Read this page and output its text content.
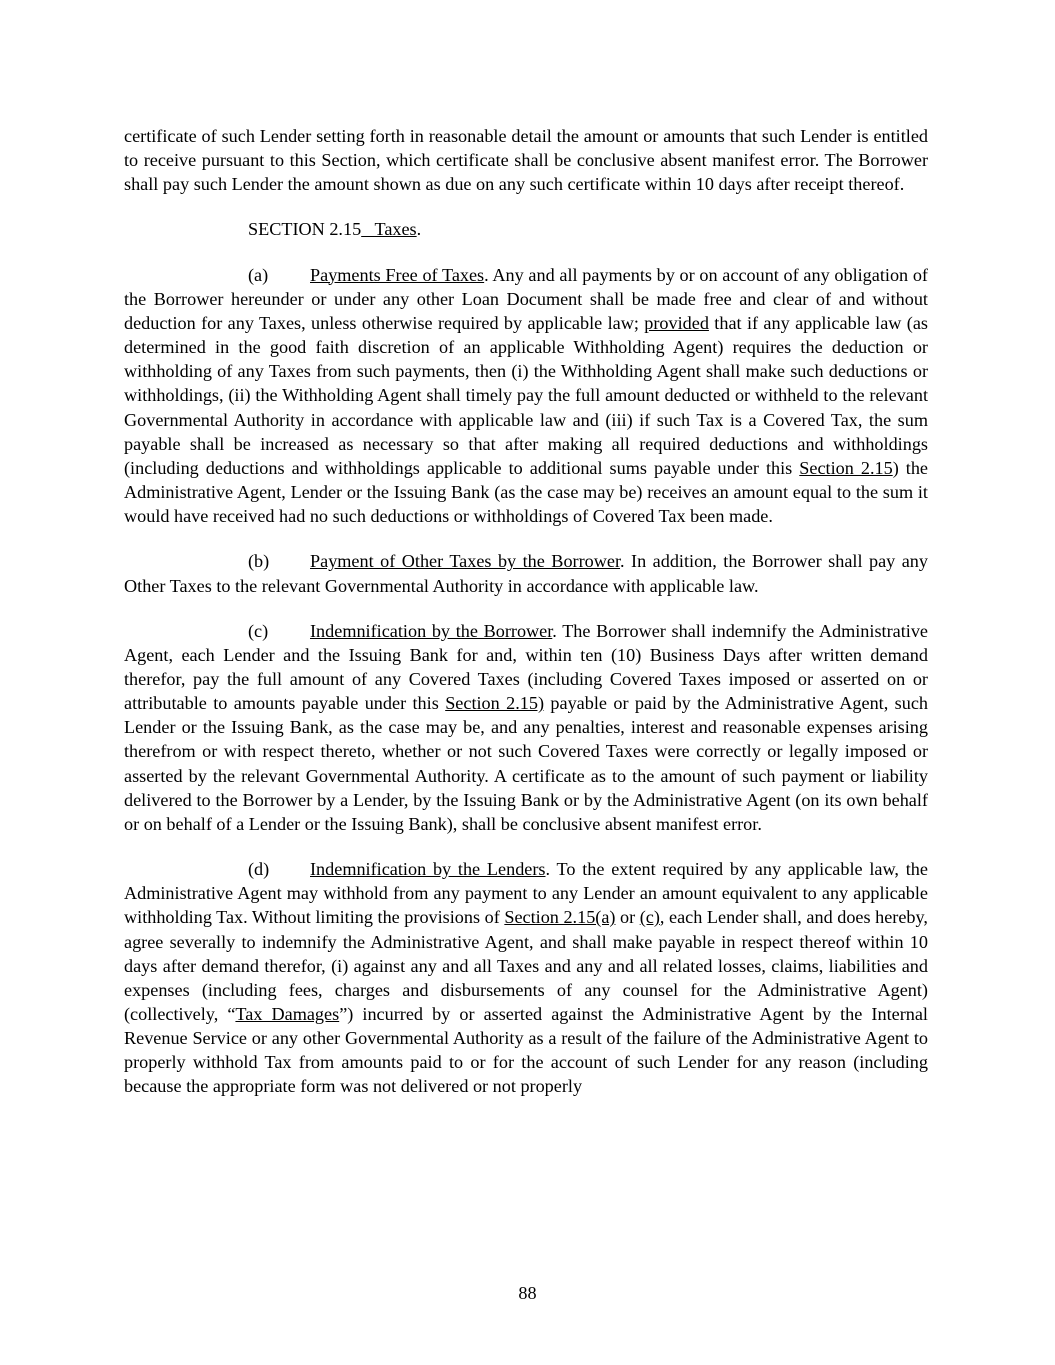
certificate of such Lender setting forth in reasonable detail the amount or amounts that such Lender is entitled to receive pursuant to this Section, which certificate shall be conclusive absent manifest error. The Borrower shall pay such Lender the amount shown as due on any such certificate within 10 days after receipt thereof.

SECTION 2.15 Taxes.

(a) Payments Free of Taxes. Any and all payments by or on account of any obligation of the Borrower hereunder or under any other Loan Document shall be made free and clear of and without deduction for any Taxes, unless otherwise required by applicable law; provided that if any applicable law (as determined in the good faith discretion of an applicable Withholding Agent) requires the deduction or withholding of any Taxes from such payments, then (i) the Withholding Agent shall make such deductions or withholdings, (ii) the Withholding Agent shall timely pay the full amount deducted or withheld to the relevant Governmental Authority in accordance with applicable law and (iii) if such Tax is a Covered Tax, the sum payable shall be increased as necessary so that after making all required deductions and withholdings (including deductions and withholdings applicable to additional sums payable under this Section 2.15) the Administrative Agent, Lender or the Issuing Bank (as the case may be) receives an amount equal to the sum it would have received had no such deductions or withholdings of Covered Tax been made.

(b) Payment of Other Taxes by the Borrower. In addition, the Borrower shall pay any Other Taxes to the relevant Governmental Authority in accordance with applicable law.

(c) Indemnification by the Borrower. The Borrower shall indemnify the Administrative Agent, each Lender and the Issuing Bank for and, within ten (10) Business Days after written demand therefor, pay the full amount of any Covered Taxes (including Covered Taxes imposed or asserted on or attributable to amounts payable under this Section 2.15) payable or paid by the Administrative Agent, such Lender or the Issuing Bank, as the case may be, and any penalties, interest and reasonable expenses arising therefrom or with respect thereto, whether or not such Covered Taxes were correctly or legally imposed or asserted by the relevant Governmental Authority. A certificate as to the amount of such payment or liability delivered to the Borrower by a Lender, by the Issuing Bank or by the Administrative Agent (on its own behalf or on behalf of a Lender or the Issuing Bank), shall be conclusive absent manifest error.

(d) Indemnification by the Lenders. To the extent required by any applicable law, the Administrative Agent may withhold from any payment to any Lender an amount equivalent to any applicable withholding Tax. Without limiting the provisions of Section 2.15(a) or (c), each Lender shall, and does hereby, agree severally to indemnify the Administrative Agent, and shall make payable in respect thereof within 10 days after demand therefor, (i) against any and all Taxes and any and all related losses, claims, liabilities and expenses (including fees, charges and disbursements of any counsel for the Administrative Agent) (collectively, “Tax Damages”) incurred by or asserted against the Administrative Agent by the Internal Revenue Service or any other Governmental Authority as a result of the failure of the Administrative Agent to properly withhold Tax from amounts paid to or for the account of such Lender for any reason (including because the appropriate form was not delivered or not properly

88
